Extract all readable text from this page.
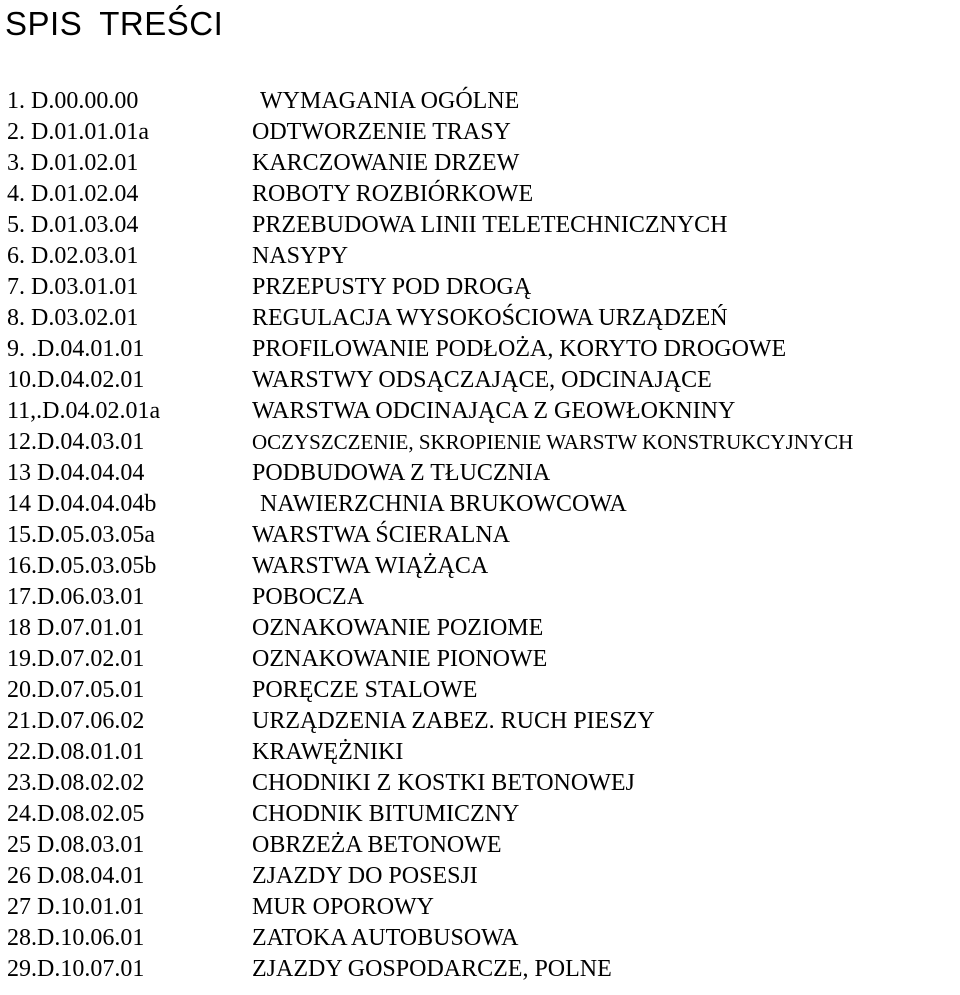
SPIS TREŚCI
1. D.00.00.00	WYMAGANIA OGÓLNE
2. D.01.01.01a	ODTWORZENIE TRASY
3. D.01.02.01	KARCZOWANIE DRZEW
4. D.01.02.04	ROBOTY ROZBIÓRKOWE
5. D.01.03.04	PRZEBUDOWA LINII TELETECHNICZNYCH
6. D.02.03.01	NASYPY
7. D.03.01.01	PRZEPUSTY POD DROGĄ
8. D.03.02.01	REGULACJA WYSOKOŚCIOWA URZĄDZEŃ
9. .D.04.01.01	PROFILOWANIE PODŁOŻA, KORYTO DROGOWE
10.D.04.02.01	WARSTWY ODSĄCZAJĄCE, ODCINAJĄCE
11,.D.04.02.01a	WARSTWA ODCINAJĄCA Z GEOWŁOKNINY
12.D.04.03.01	OCZYSZCZENIE, SKROPIENIE WARSTW KONSTRUKCYJNYCH
13 D.04.04.04	PODBUDOWA Z TŁUCZNIA
14 D.04.04.04b	NAWIERZCHNIA BRUKOWCOWA
15.D.05.03.05a	WARSTWA ŚCIERALNA
16.D.05.03.05b	WARSTWA WIĄŻĄCA
17.D.06.03.01	POBOCZA
18 D.07.01.01	OZNAKOWANIE POZIOME
19.D.07.02.01	OZNAKOWANIE PIONOWE
20.D.07.05.01	PORĘCZE STALOWE
21.D.07.06.02	URZĄDZENIA ZABEZ. RUCH PIESZY
22.D.08.01.01	KRAWĘŻNIKI
23.D.08.02.02	CHODNIKI Z KOSTKI BETONOWEJ
24.D.08.02.05	CHODNIK BITUMICZNY
25 D.08.03.01	OBRZEŻA BETONOWE
26 D.08.04.01	ZJAZDY DO POSESJI
27 D.10.01.01	MUR OPOROWY
28.D.10.06.01	ZATOKA AUTOBUSOWA
29.D.10.07.01	ZJAZDY GOSPODARCZE, POLNE
